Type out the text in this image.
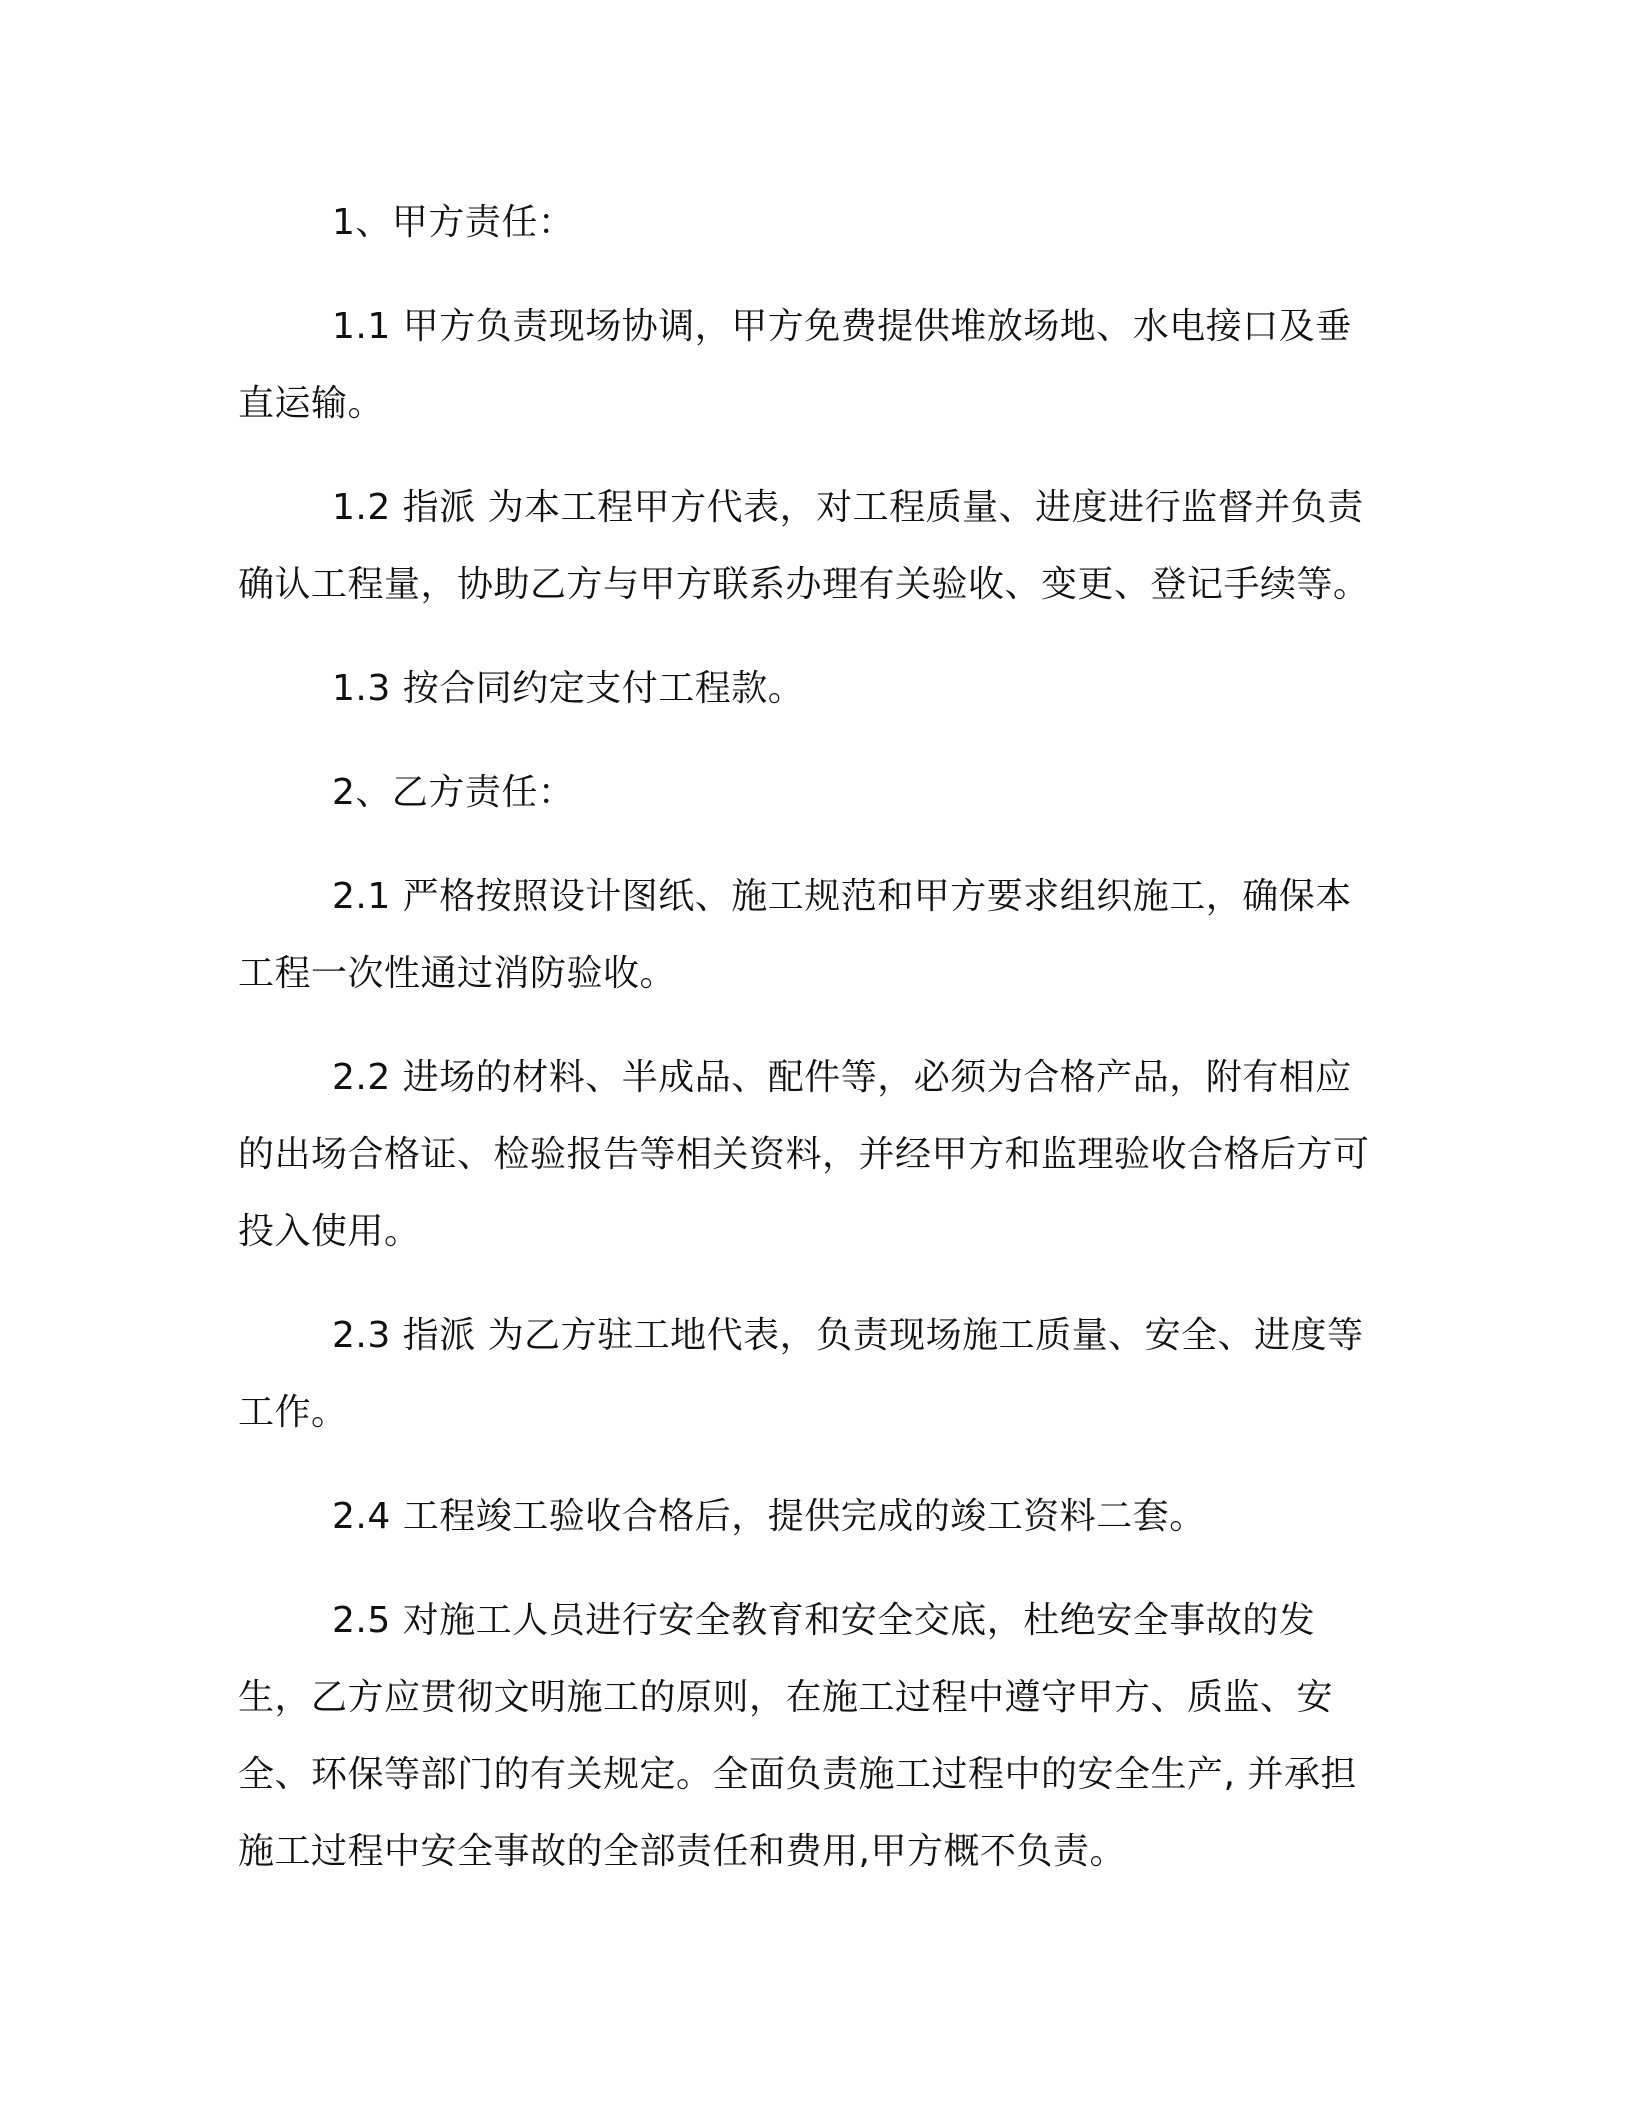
1、甲方责任：

1.1 甲方负责现场协调，甲方免费提供堆放场地、水电接口及垂直运输。

1.2 指派 为本工程甲方代表，对工程质量、进度进行监督并负责确认工程量，协助乙方与甲方联系办理有关验收、变更、登记手续等。

1.3 按合同约定支付工程款。

2、乙方责任：

2.1 严格按照设计图纸、施工规范和甲方要求组织施工，确保本工程一次性通过消防验收。

2.2 进场的材料、半成品、配件等，必须为合格产品，附有相应的出场合格证、检验报告等相关资料，并经甲方和监理验收合格后方可投入使用。

2.3 指派 为乙方驻工地代表，负责现场施工质量、安全、进度等工作。

2.4 工程竣工验收合格后，提供完成的竣工资料二套。

2.5 对施工人员进行安全教育和安全交底，杜绝安全事故的发生，乙方应贯彻文明施工的原则，在施工过程中遵守甲方、质监、安全、环保等部门的有关规定。全面负责施工过程中的安全生产, 并承担施工过程中安全事故的全部责任和费用,甲方概不负责。
